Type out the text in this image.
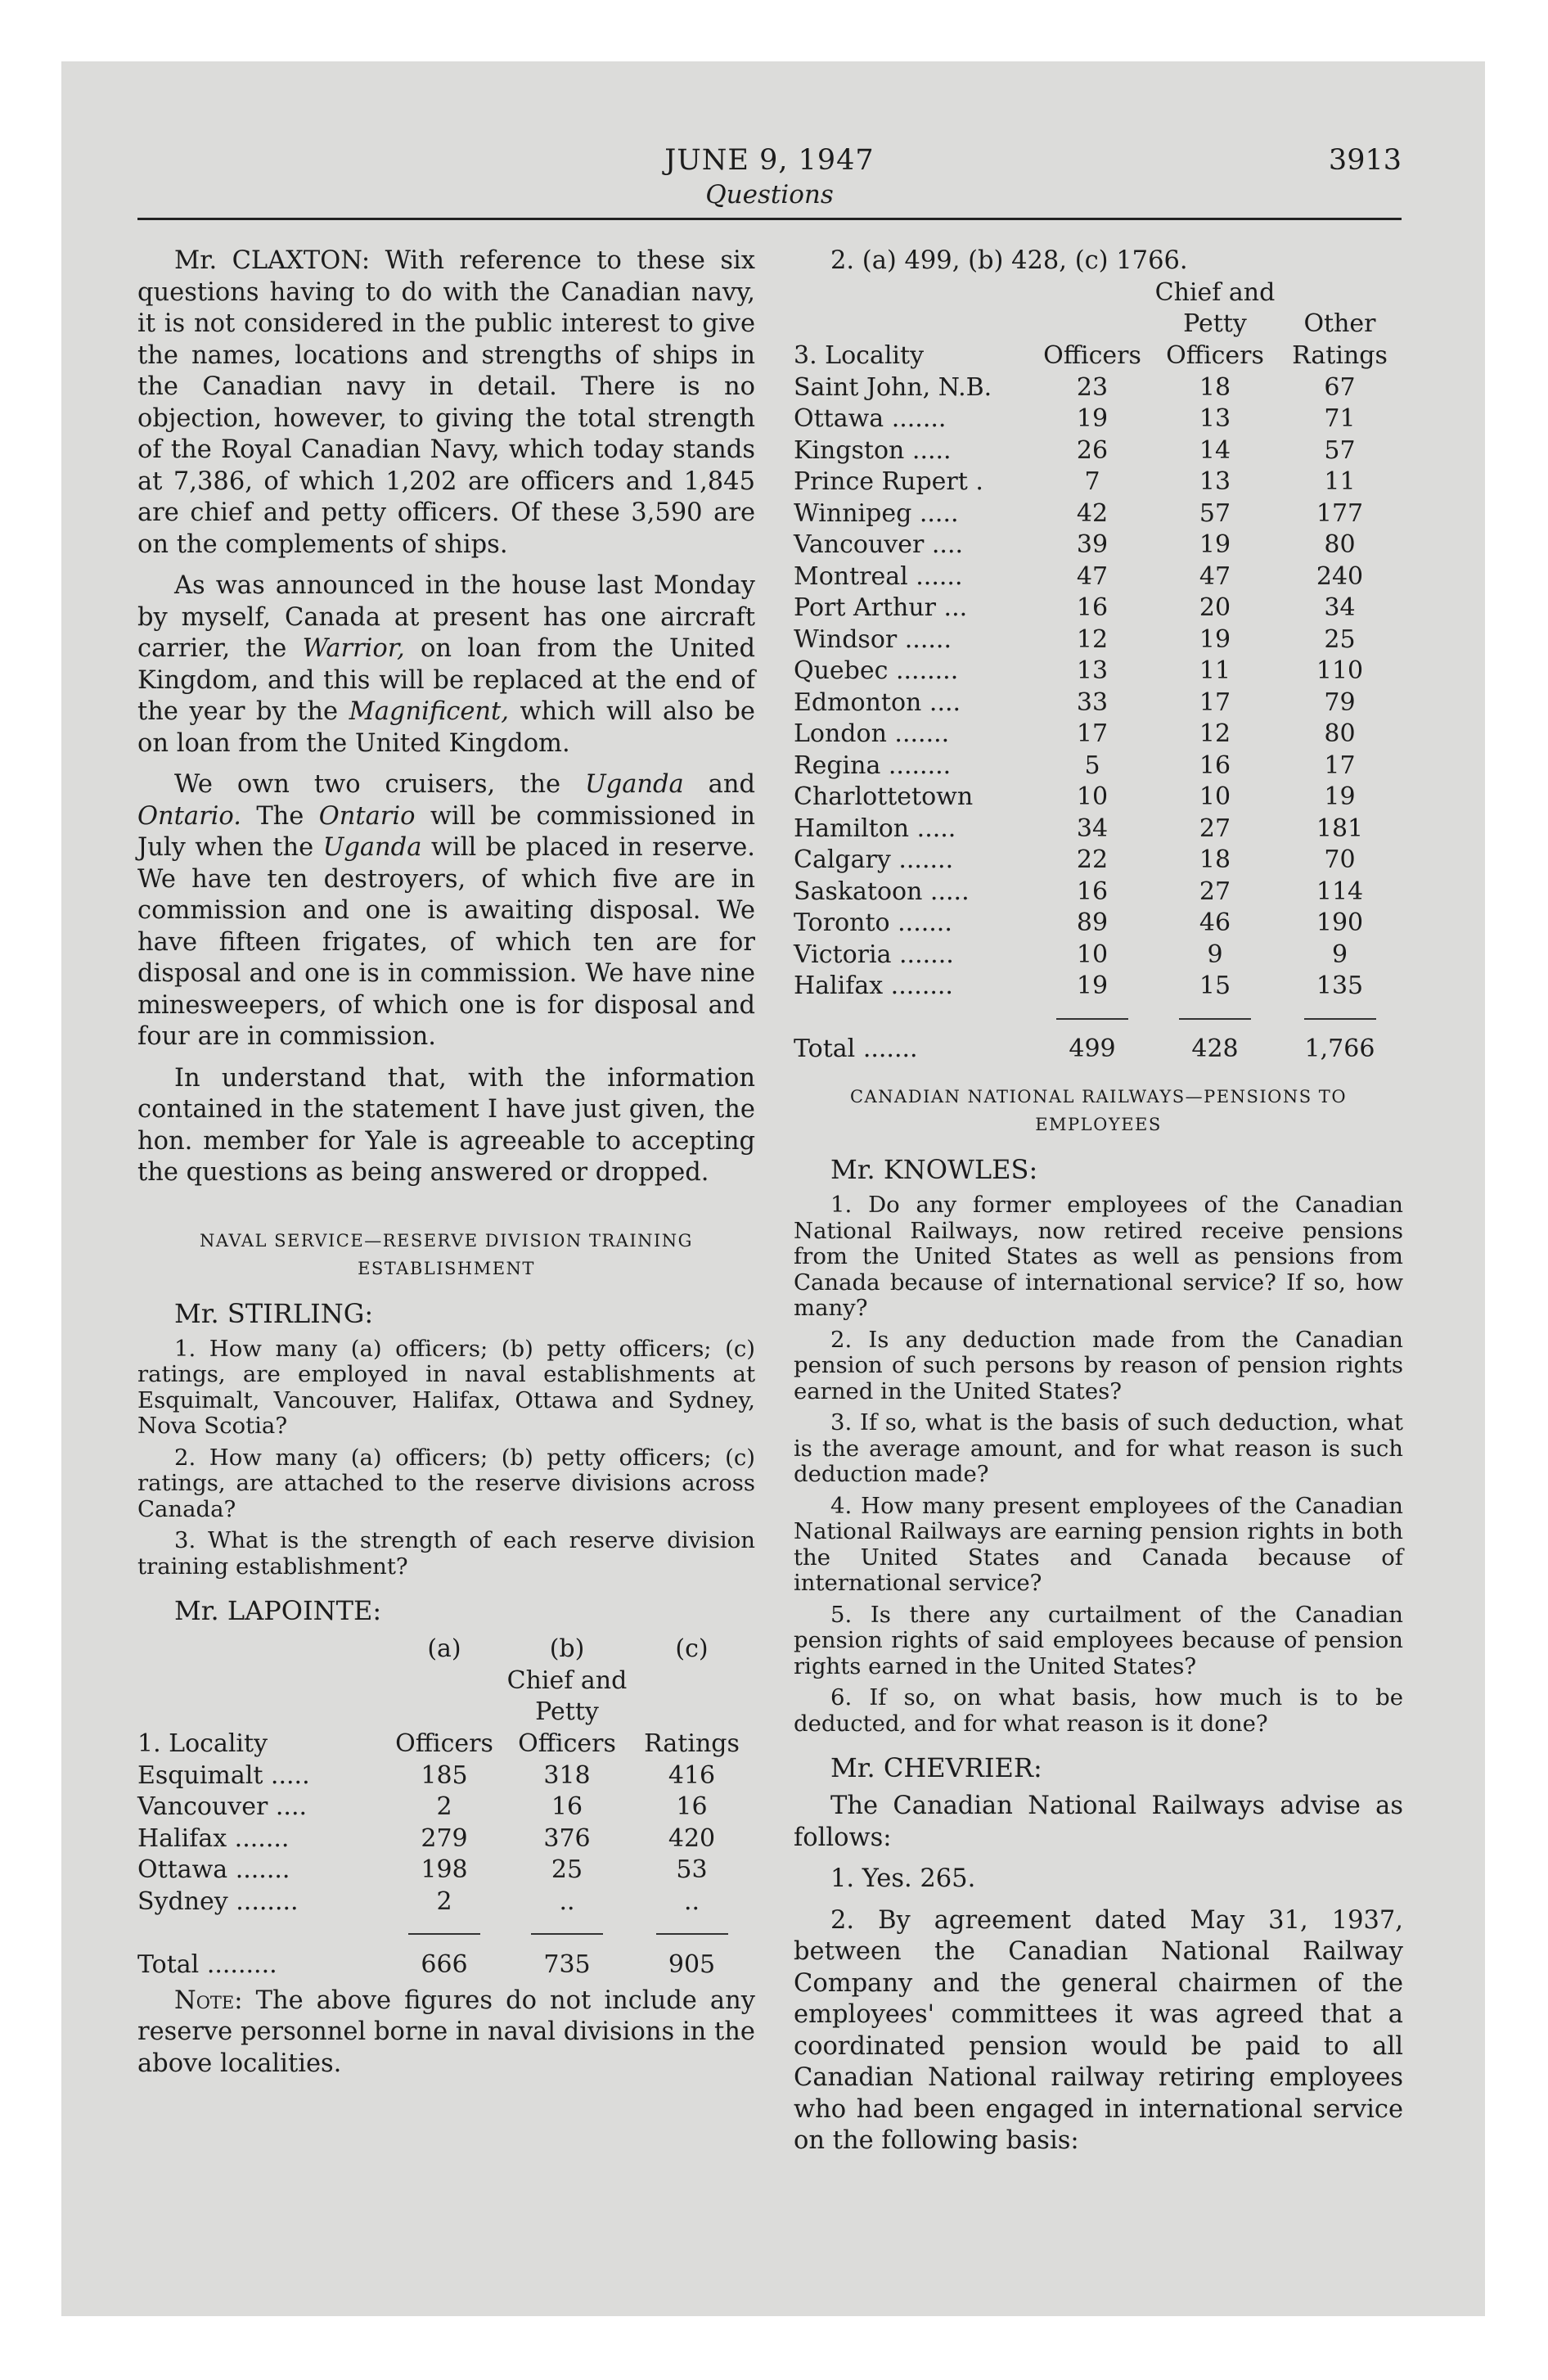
JUNE 9, 1947
Questions
3913

Mr. CLAXTON: With reference to these six questions having to do with the Canadian navy, it is not considered in the public interest to give the names, locations and strengths of ships in the Canadian navy in detail. There is no objection, however, to giving the total strength of the Royal Canadian Navy, which today stands at 7,386, of which 1,202 are officers and 1,845 are chief and petty officers. Of these 3,590 are on the complements of ships.

As was announced in the house last Monday by myself, Canada at present has one aircraft carrier, the Warrior, on loan from the United Kingdom, and this will be replaced at the end of the year by the Magnificent, which will also be on loan from the United Kingdom.

We own two cruisers, the Uganda and Ontario. The Ontario will be commissioned in July when the Uganda will be placed in reserve. We have ten destroyers, of which five are in commission and one is awaiting disposal. We have fifteen frigates, of which ten are for disposal and one is in commission. We have nine minesweepers, of which one is for disposal and four are in commission.

In understand that, with the information contained in the statement I have just given, the hon. member for Yale is agreeable to accepting the questions as being answered or dropped.

NAVAL SERVICE—RESERVE DIVISION TRAINING

ESTABLISHMENT

Mr. STIRLING:

1. How many (a) officers; (b) petty officers; (c) ratings, are employed in naval establishments at Esquimalt, Vancouver, Halifax, Ottawa and Sydney, Nova Scotia?

2. How many (a) officers; (b) petty officers; (c) ratings, are attached to the reserve divisions across Canada?

3. What is the strength of each reserve division training establishment?

Mr. LAPOINTE:

	(a)	(b)	(c)
		Chief and	
		Petty	
1. Locality	Officers	Officers	Ratings
Esquimalt .....	185	318	416
Vancouver ....	2	16	16
Halifax .......	279	376	420
Ottawa .......	198	25	53
Sydney ........	2	..	..

Total .........	666	735	905

Note: The above figures do not include any reserve personnel borne in naval divisions in the above localities.

2. (a) 499, (b) 428, (c) 1766.

		Chief and	
		Petty	Other
3. Locality	Officers	Officers	Ratings
Saint John, N.B.	23	18	67
Ottawa .......	19	13	71
Kingston .....	26	14	57
Prince Rupert .	7	13	11
Winnipeg .....	42	57	177
Vancouver ....	39	19	80
Montreal ......	47	47	240
Port Arthur ...	16	20	34
Windsor ......	12	19	25
Quebec ........	13	11	110
Edmonton ....	33	17	79
London .......	17	12	80
Regina ........	5	16	17
Charlottetown	10	10	19
Hamilton .....	34	27	181
Calgary .......	22	18	70
Saskatoon .....	16	27	114
Toronto .......	89	46	190
Victoria .......	10	9	9
Halifax ........	19	15	135

Total .......	499	428	1,766

CANADIAN NATIONAL RAILWAYS—PENSIONS TO

EMPLOYEES

Mr. KNOWLES:

1. Do any former employees of the Canadian National Railways, now retired receive pensions from the United States as well as pensions from Canada because of international service? If so, how many?

2. Is any deduction made from the Canadian pension of such persons by reason of pension rights earned in the United States?

3. If so, what is the basis of such deduction, what is the average amount, and for what reason is such deduction made?

4. How many present employees of the Canadian National Railways are earning pension rights in both the United States and Canada because of international service?

5. Is there any curtailment of the Canadian pension rights of said employees because of pension rights earned in the United States?

6. If so, on what basis, how much is to be deducted, and for what reason is it done?

Mr. CHEVRIER:

The Canadian National Railways advise as follows:

1. Yes. 265.

2. By agreement dated May 31, 1937, between the Canadian National Railway Company and the general chairmen of the employees' committees it was agreed that a coordinated pension would be paid to all Canadian National railway retiring employees who had been engaged in international service on the following basis:
